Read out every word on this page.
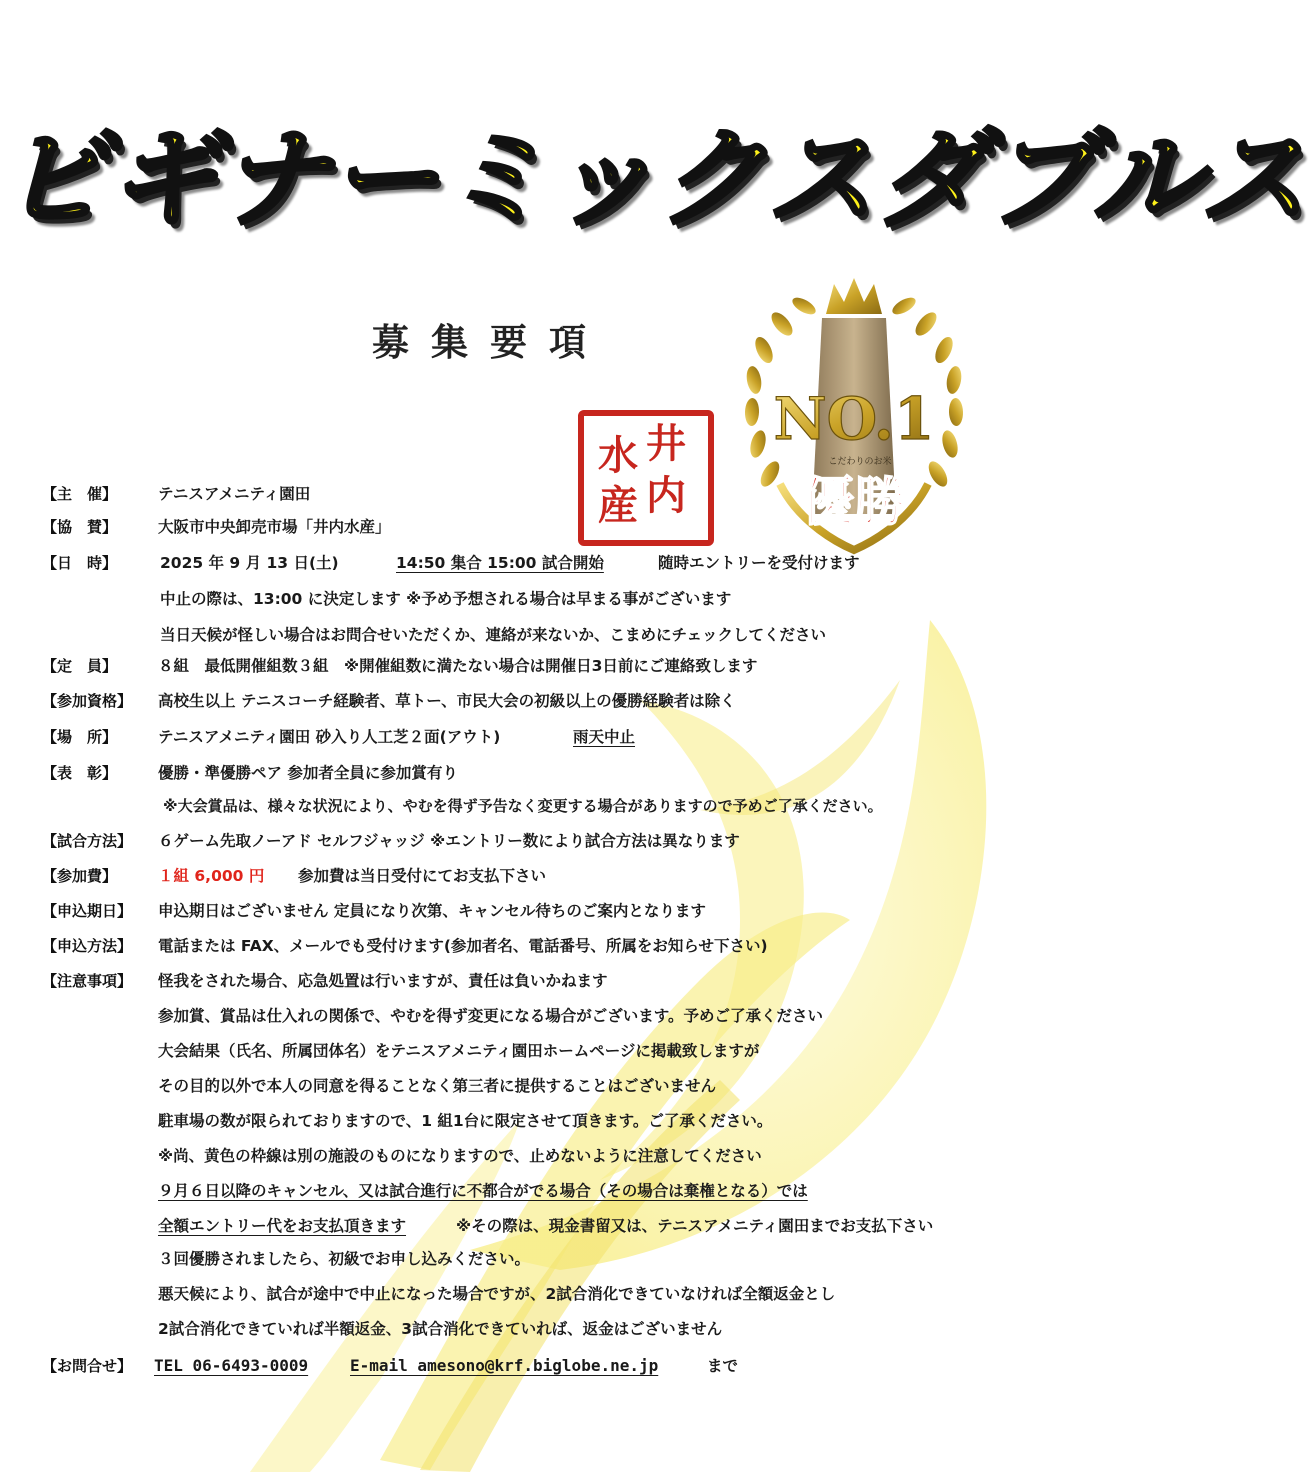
ビギナーミックスダブルス
募集要項
井
内
水
産
NO.1
こだわりのお米
優勝
【主　催】	テニスアメニティ園田
【協　賛】	大阪市中央卸売市場「井内水産」
【日　時】	2025 年 9 月 13 日(土)	14:50 集合 15:00 試合開始	随時エントリーを受付けます
中止の際は、13:00 に決定します ※予め予想される場合は早まる事がございます
当日天候が怪しい場合はお問合せいただくか、連絡が来ないか、こまめにチェックしてください
【定　員】	８組　最低開催組数３組　※開催組数に満たない場合は開催日3日前にご連絡致します
【参加資格】 高校生以上 テニスコーチ経験者、草トー、市民大会の初級以上の優勝経験者は除く
【場　所】	テニスアメニティ園田 砂入り人工芝２面(アウト)	雨天中止
【表　彰】	優勝・準優勝ペア 参加者全員に参加賞有り
※大会賞品は、様々な状況により、やむを得ず予告なく変更する場合がありますので予めご了承ください。
【試合方法】 ６ゲーム先取ノーアド セルフジャッジ ※エントリー数により試合方法は異なります
【参加費】	１組 6,000 円 参加費は当日受付にてお支払下さい
【申込期日】 申込期日はございません 定員になり次第、キャンセル待ちのご案内となります
【申込方法】 電話または FAX、メールでも受付けます(参加者名、電話番号、所属をお知らせ下さい)
【注意事項】 怪我をされた場合、応急処置は行いますが、責任は負いかねます
参加賞、賞品は仕入れの関係で、やむを得ず変更になる場合がございます。予めご了承ください
大会結果（氏名、所属団体名）をテニスアメニティ園田ホームページに掲載致しますが
その目的以外で本人の同意を得ることなく第三者に提供することはございません
駐車場の数が限られておりますので、1 組1台に限定させて頂きます。ご了承ください。
※尚、黄色の枠線は別の施設のものになりますので、止めないように注意してください
９月６日以降のキャンセル、又は試合進行に不都合がでる場合（その場合は棄権となる）では
全額エントリー代をお支払頂きます	※その際は、現金書留又は、テニスアメニティ園田までお支払下さい
３回優勝されましたら、初級でお申し込みください。
悪天候により、試合が途中で中止になった場合ですが、2試合消化できていなければ全額返金とし
2試合消化できていれば半額返金、3試合消化できていれば、返金はございません
【お問合せ】 TEL 06-6493-0009	E-mail amesono@krf.biglobe.ne.jp	まで
